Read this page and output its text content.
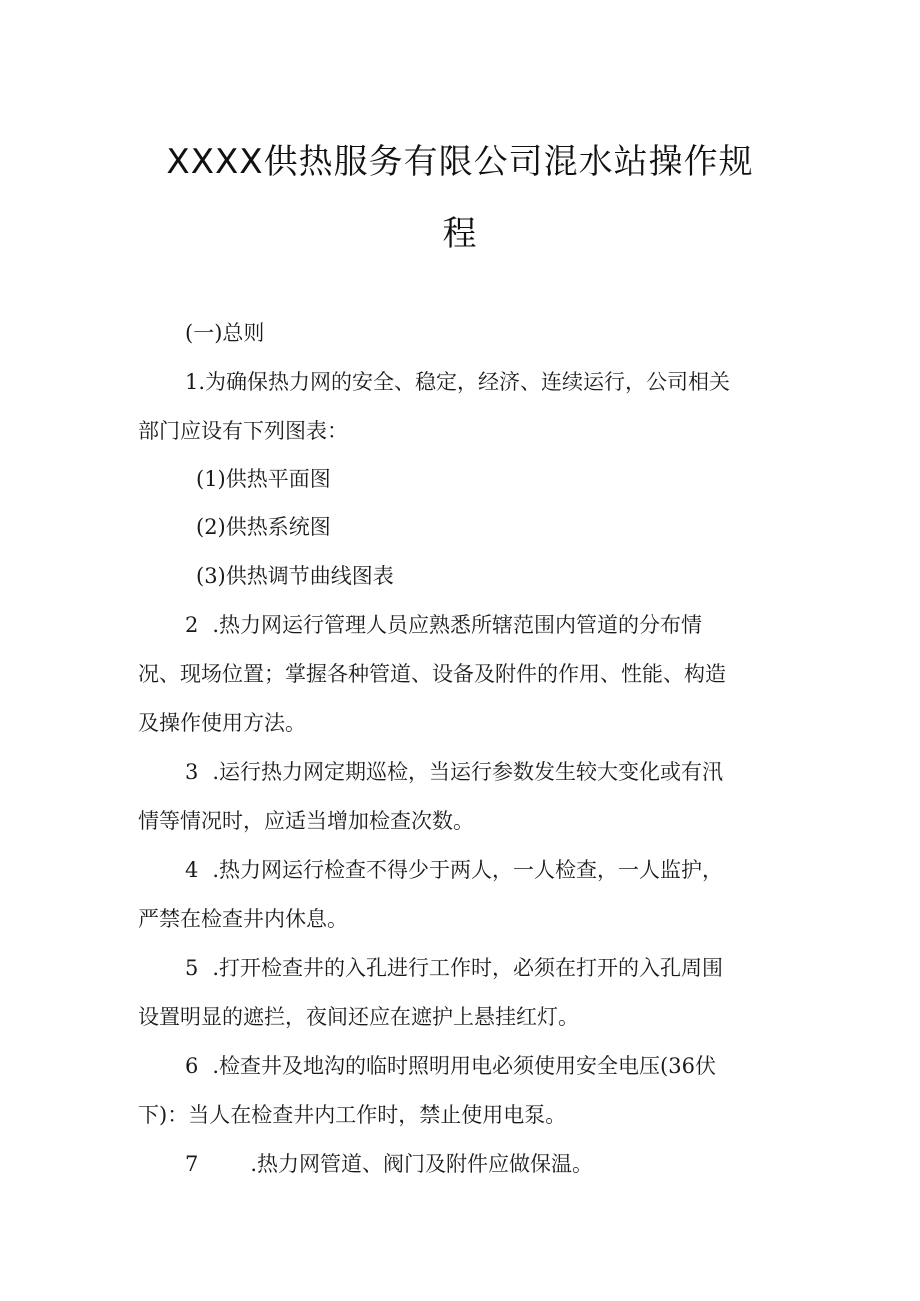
XXXX供热服务有限公司混水站操作规
程
(一)总则
1.为确保热力网的安全、稳定，经济、连续运行，公司相关
部门应设有下列图表：
(1)供热平面图
(2)供热系统图
(3)供热调节曲线图表
2 .热力网运行管理人员应熟悉所辖范围内管道的分布情
况、现场位置；掌握各种管道、设备及附件的作用、性能、构造
及操作使用方法。
3 .运行热力网定期巡检，当运行参数发生较大变化或有汛
情等情况时，应适当增加检查次数。
4 .热力网运行检查不得少于两人，一人检查，一人监护，
严禁在检查井内休息。
5 .打开检查井的入孔进行工作时，必须在打开的入孔周围
设置明显的遮拦，夜间还应在遮护上悬挂红灯。
6 .检查井及地沟的临时照明用电必须使用安全电压(36伏
下)：当人在检查井内工作时，禁止使用电泵。
7 .热力网管道、阀门及附件应做保温。
